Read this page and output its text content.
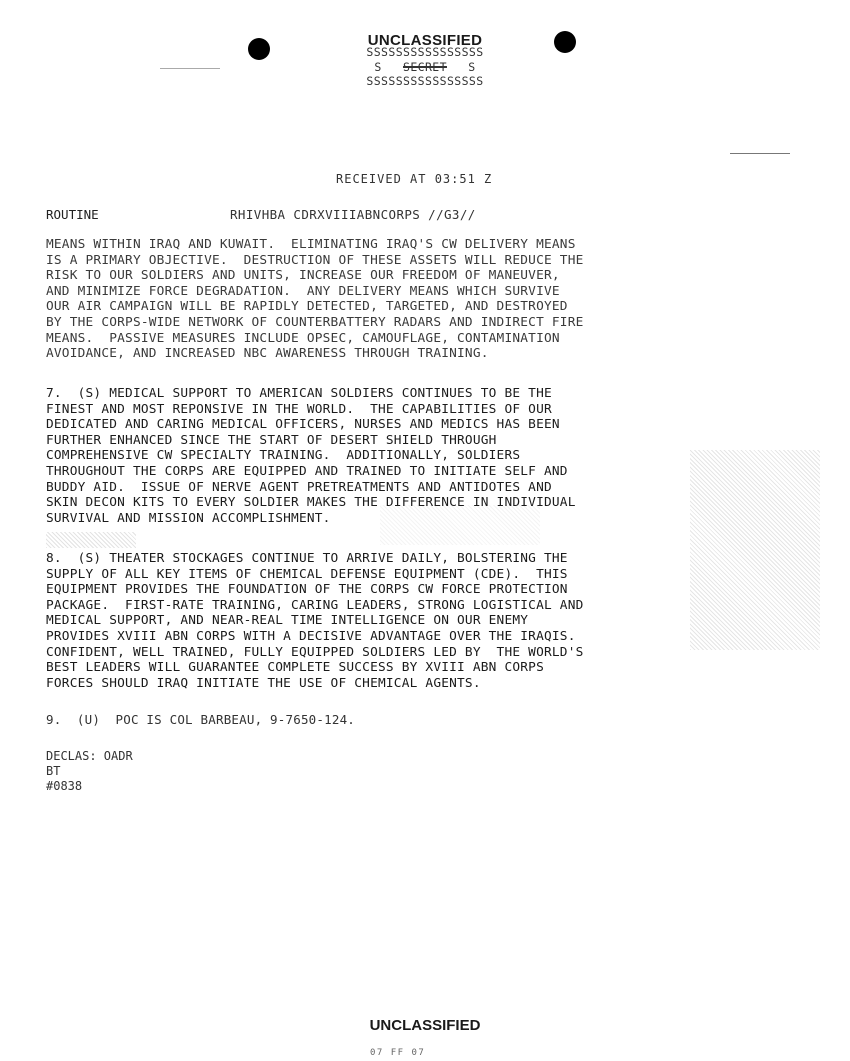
UNCLASSIFIED
SSSSSSSSSSSSSSSS
S SECRET S
SSSSSSSSSSSSSSSS
RECEIVED AT 03:51 Z
ROUTINE	RHIVHBA CDRXVIIIABNCORPS //G3//
MEANS WITHIN IRAQ AND KUWAIT.  ELIMINATING IRAQ'S CW DELIVERY MEANS
IS A PRIMARY OBJECTIVE.  DESTRUCTION OF THESE ASSETS WILL REDUCE THE
RISK TO OUR SOLDIERS AND UNITS, INCREASE OUR FREEDOM OF MANEUVER,
AND MINIMIZE FORCE DEGRADATION.  ANY DELIVERY MEANS WHICH SURVIVE
OUR AIR CAMPAIGN WILL BE RAPIDLY DETECTED, TARGETED, AND DESTROYED
BY THE CORPS-WIDE NETWORK OF COUNTERBATTERY RADARS AND INDIRECT FIRE
MEANS.  PASSIVE MEASURES INCLUDE OPSEC, CAMOUFLAGE, CONTAMINATION
AVOIDANCE, AND INCREASED NBC AWARENESS THROUGH TRAINING.
7.  (S) MEDICAL SUPPORT TO AMERICAN SOLDIERS CONTINUES TO BE THE
FINEST AND MOST REPONSIVE IN THE WORLD.  THE CAPABILITIES OF OUR
DEDICATED AND CARING MEDICAL OFFICERS, NURSES AND MEDICS HAS BEEN
FURTHER ENHANCED SINCE THE START OF DESERT SHIELD THROUGH
COMPREHENSIVE CW SPECIALTY TRAINING.  ADDITIONALLY, SOLDIERS
THROUGHOUT THE CORPS ARE EQUIPPED AND TRAINED TO INITIATE SELF AND
BUDDY AID.  ISSUE OF NERVE AGENT PRETREATMENTS AND ANTIDOTES AND
SKIN DECON KITS TO EVERY SOLDIER MAKES THE DIFFERENCE IN INDIVIDUAL
SURVIVAL AND MISSION ACCOMPLISHMENT.
8.  (S) THEATER STOCKAGES CONTINUE TO ARRIVE DAILY, BOLSTERING THE
SUPPLY OF ALL KEY ITEMS OF CHEMICAL DEFENSE EQUIPMENT (CDE).  THIS
EQUIPMENT PROVIDES THE FOUNDATION OF THE CORPS CW FORCE PROTECTION
PACKAGE.  FIRST-RATE TRAINING, CARING LEADERS, STRONG LOGISTICAL AND
MEDICAL SUPPORT, AND NEAR-REAL TIME INTELLIGENCE ON OUR ENEMY
PROVIDES XVIII ABN CORPS WITH A DECISIVE ADVANTAGE OVER THE IRAQIS.
CONFIDENT, WELL TRAINED, FULLY EQUIPPED SOLDIERS LED BY  THE WORLD'S
BEST LEADERS WILL GUARANTEE COMPLETE SUCCESS BY XVIII ABN CORPS
FORCES SHOULD IRAQ INITIATE THE USE OF CHEMICAL AGENTS.
9.  (U)  POC IS COL BARBEAU, 9-7650-124.
DECLAS: OADR
BT
#0838
UNCLASSIFIED
07 FF 07
